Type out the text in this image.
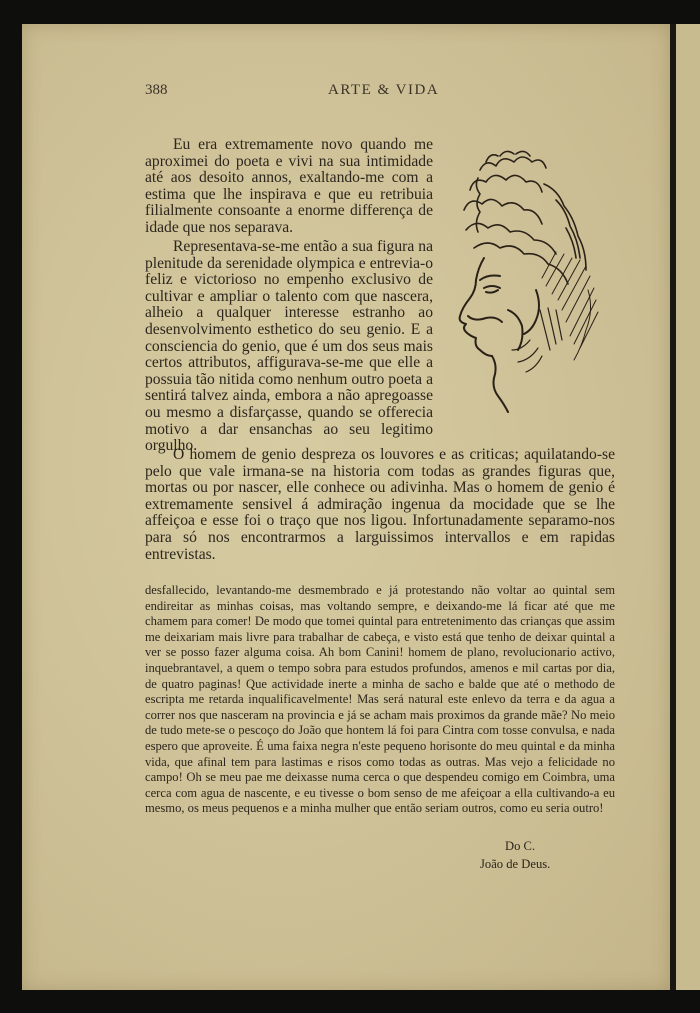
388	ARTE & VIDA

Eu era extremamente novo quando me aproximei do poeta e vivi na sua intimidade até aos desoito annos, exaltando-me com a estima que lhe inspirava e que eu retribuia filialmente consoante a enorme differença de idade que nos separava.

Representava-se-me então a sua figura na plenitude da serenidade olympica e entrevia-o feliz e victorioso no empenho exclusivo de cultivar e ampliar o talento com que nascera, alheio a qualquer interesse estranho ao desenvolvimento esthetico do seu genio. E a consciencia do genio, que é um dos seus mais certos attributos, affigurava-se-me que elle a possuia tão nitida como nenhum outro poeta a sentirá talvez ainda, embora a não apregoasse ou mesmo a disfarçasse, quando se offerecia motivo a dar ensanchas ao seu legitimo orgulho.

O homem de genio despreza os louvores e as criticas; aquilatando-se pelo que vale irmana-se na historia com todas as grandes figuras que, mortas ou por nascer, elle conhece ou adivinha. Mas o homem de genio é extremamente sensivel á admiração ingenua da mocidade que se lhe affeiçoa e esse foi o traço que nos ligou. Infortunadamente separamo-nos para só nos encontrarmos a larguissimos intervallos e em rapidas entrevistas.

desfallecido, levantando-me desmembrado e já protestando não voltar ao quintal sem endireitar as minhas coisas, mas voltando sempre, e deixando-me lá ficar até que me chamem para comer! De modo que tomei quintal para entretenimento das crianças que assim me deixariam mais livre para trabalhar de cabeça, e visto está que tenho de deixar quintal a ver se posso fazer alguma coisa. Ah bom Canini! homem de plano, revolucionario activo, inquebrantavel, a quem o tempo sobra para estudos profundos, amenos e mil cartas por dia, de quatro paginas! Que actividade inerte a minha de sacho e balde que até o methodo de escripta me retarda inqualificavelmente! Mas será natural este enlevo da terra e da agua a correr nos que nasceram na provincia e já se acham mais proximos da grande mãe? No meio de tudo mete-se o pescoço do João que hontem lá foi para Cintra com tosse convulsa, e nada espero que aproveite. É uma faixa negra n'este pequeno horisonte do meu quintal e da minha vida, que afinal tem para lastimas e risos como todas as outras. Mas vejo a felicidade no campo! Oh se meu pae me deixasse numa cerca o que despendeu comigo em Coimbra, uma cerca com agua de nascente, e eu tivesse o bom senso de me afeiçoar a ella cultivando-a eu mesmo, os meus pequenos e a minha mulher que então seriam outros, como eu seria outro!

Do C.
João de Deus.
